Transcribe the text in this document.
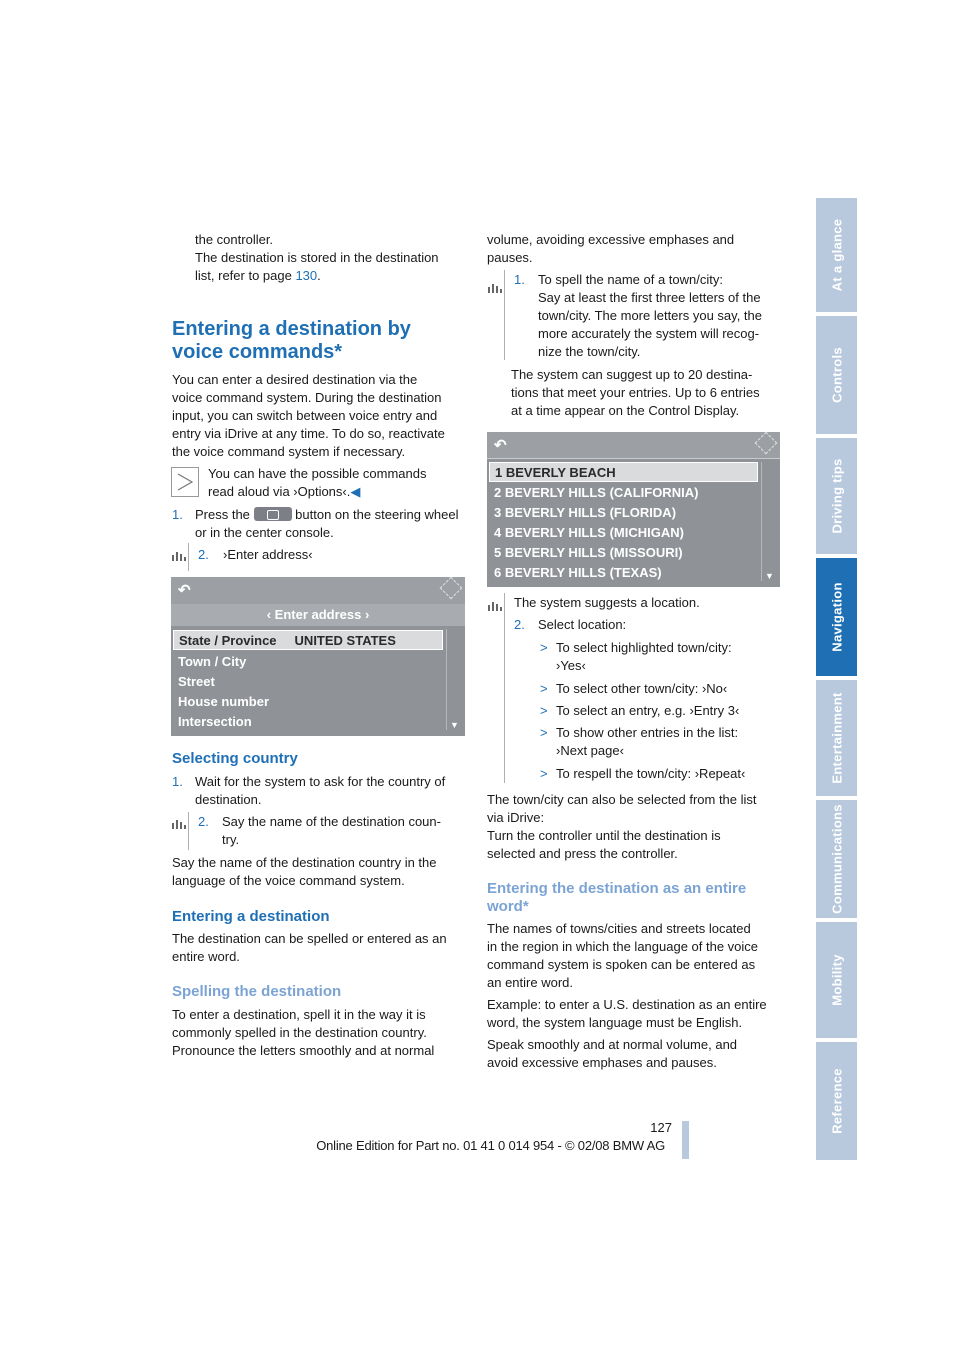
the controller.
The destination is stored in the destination
list, refer to page 130.
Entering a destination by
voice commands*
You can enter a desired destination via the
voice command system. During the destination
input, you can switch between voice entry and
entry via iDrive at any time. To do so, reactivate
the voice command system if necessary.
You can have the possible commands
read aloud via ›Options‹.◀
1. Press the	button on the steering wheel
or in the center console.
2. ›Enter address‹
↶
‹ Enter address ›
State / Province UNITED STATES
Town / City
Street
House number
Intersection	▼
Selecting country
1. Wait for the system to ask for the country of
destination.
2. Say the name of the destination coun-
try.
Say the name of the destination country in the
language of the voice command system.
Entering a destination
The destination can be spelled or entered as an
entire word.
Spelling the destination
To enter a destination, spell it in the way it is
commonly spelled in the destination country.
Pronounce the letters smoothly and at normal
volume, avoiding excessive emphases and
pauses.
1. To spell the name of a town/city:
Say at least the first three letters of the
town/city. The more letters you say, the
more accurately the system will recog-
nize the town/city.
The system can suggest up to 20 destina-
tions that meet your entries. Up to 6 entries
at a time appear on the Control Display.
↶
1 BEVERLY BEACH
2 BEVERLY HILLS (CALIFORNIA)
3 BEVERLY HILLS (FLORIDA)
4 BEVERLY HILLS (MICHIGAN)
5 BEVERLY HILLS (MISSOURI)
6 BEVERLY HILLS (TEXAS)	▼
The system suggests a location.
2. Select location:
> To select highlighted town/city:
›Yes‹
> To select other town/city: ›No‹
> To select an entry, e.g. ›Entry 3‹
> To show other entries in the list:
›Next page‹
> To respell the town/city: ›Repeat‹
The town/city can also be selected from the list
via iDrive:
Turn the controller until the destination is
selected and press the controller.
Entering the destination as an entire
word*
The names of towns/cities and streets located
in the region in which the language of the voice
command system is spoken can be entered as
an entire word.
Example: to enter a U.S. destination as an entire
word, the system language must be English.
Speak smoothly and at normal volume, and
avoid excessive emphases and pauses.
At a glance
Controls
Driving tips
Navigation
Entertainment
Communications
Mobility
Reference
127
Online Edition for Part no. 01 41 0 014 954 - © 02/08 BMW AG
